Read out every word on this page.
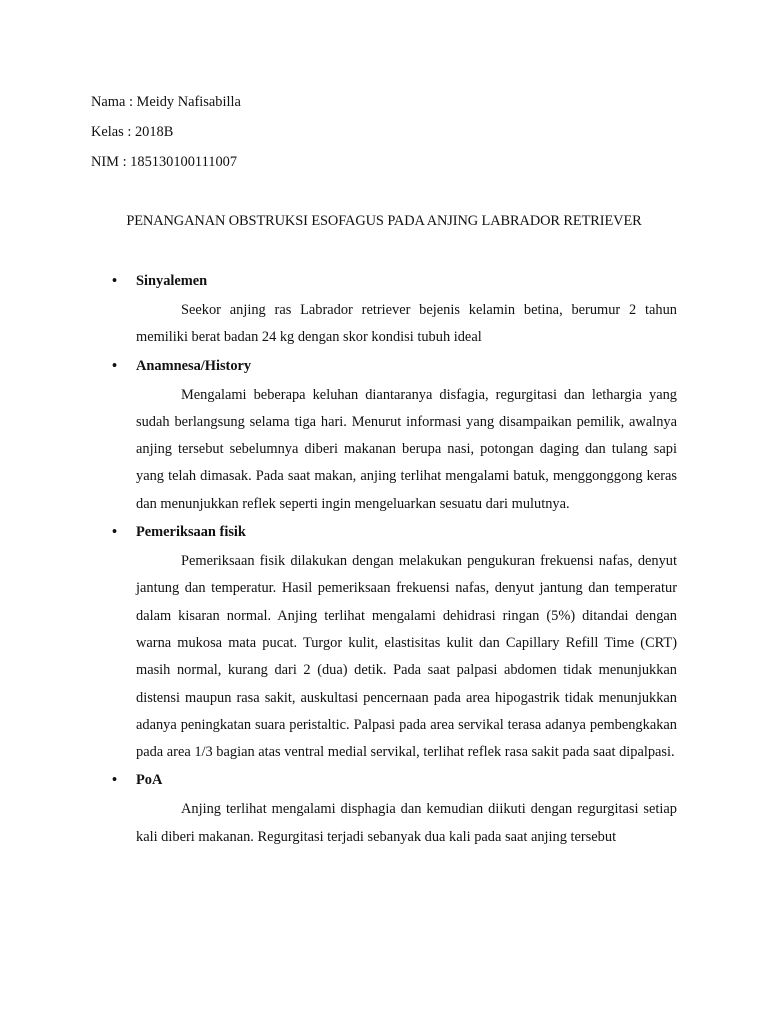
Nama : Meidy Nafisabilla
Kelas : 2018B
NIM : 185130100111007
PENANGANAN OBSTRUKSI ESOFAGUS PADA ANJING LABRADOR RETRIEVER
• Sinyalemen

Seekor anjing ras Labrador retriever bejenis kelamin betina, berumur 2 tahun memiliki berat badan 24 kg dengan skor kondisi tubuh ideal

• Anamnesa/History

Mengalami beberapa keluhan diantaranya disfagia, regurgitasi dan lethargia yang sudah berlangsung selama tiga hari. Menurut informasi yang disampaikan pemilik, awalnya anjing tersebut sebelumnya diberi makanan berupa nasi, potongan daging dan tulang sapi yang telah dimasak. Pada saat makan, anjing terlihat mengalami batuk, menggonggong keras dan menunjukkan reflek seperti ingin mengeluarkan sesuatu dari mulutnya.

• Pemeriksaan fisik

Pemeriksaan fisik dilakukan dengan melakukan pengukuran frekuensi nafas, denyut jantung dan temperatur. Hasil pemeriksaan frekuensi nafas, denyut jantung dan temperatur dalam kisaran normal. Anjing terlihat mengalami dehidrasi ringan (5%) ditandai dengan warna mukosa mata pucat. Turgor kulit, elastisitas kulit dan Capillary Refill Time (CRT) masih normal, kurang dari 2 (dua) detik. Pada saat palpasi abdomen tidak menunjukkan distensi maupun rasa sakit, auskultasi pencernaan pada area hipogastrik tidak menunjukkan adanya peningkatan suara peristaltic. Palpasi pada area servikal terasa adanya pembengkakan pada area 1/3 bagian atas ventral medial servikal, terlihat reflek rasa sakit pada saat dipalpasi.

• PoA

Anjing terlihat mengalami disphagia dan kemudian diikuti dengan regurgitasi setiap kali diberi makanan. Regurgitasi terjadi sebanyak dua kali pada saat anjing tersebut
